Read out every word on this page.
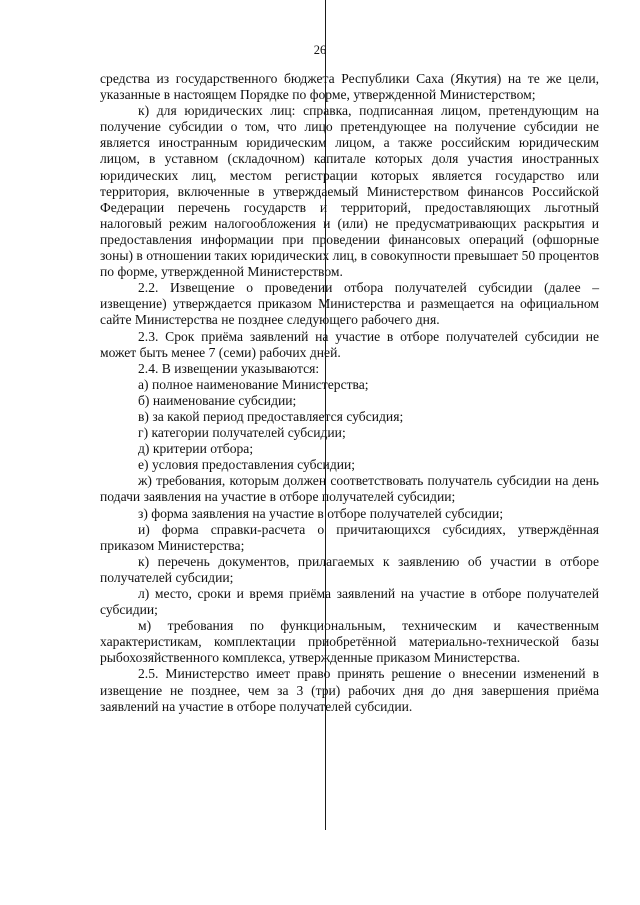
26

средства из государственного бюджета Республики Саха (Якутия) на те же цели, указанные в настоящем Порядке по форме, утвержденной Министерством;

к) для юридических лиц: справка, подписанная лицом, претендующим на получение субсидии о том, что лицо претендующее на получение субсидии не является иностранным юридическим лицом, а также российским юридическим лицом, в уставном (складочном) капитале которых доля участия иностранных юридических лиц, местом регистрации которых является государство или территория, включенные в утверждаемый Министерством финансов Российской Федерации перечень государств и территорий, предоставляющих льготный налоговый режим налогообложения и (или) не предусматривающих раскрытия и предоставления информации при проведении финансовых операций (офшорные зоны) в отношении таких юридических лиц, в совокупности превышает 50 процентов по форме, утвержденной Министерством.

2.2. Извещение о проведении отбора получателей субсидии (далее – извещение) утверждается приказом Министерства и размещается на официальном сайте Министерства не позднее следующего рабочего дня.

2.3. Срок приёма заявлений на участие в отборе получателей субсидии не может быть менее 7 (семи) рабочих дней.

2.4. В извещении указываются:

а) полное наименование Министерства;

б) наименование субсидии;

в) за какой период предоставляется субсидия;

г) категории получателей субсидии;

д) критерии отбора;

е) условия предоставления субсидии;

ж) требования, которым должен соответствовать получатель субсидии на день подачи заявления на участие в отборе получателей субсидии;

з) форма заявления на участие в отборе получателей субсидии;

и) форма справки-расчета о причитающихся субсидиях, утверждённая приказом Министерства;

к) перечень документов, прилагаемых к заявлению об участии в отборе получателей субсидии;

л) место, сроки и время приёма заявлений на участие в отборе получателей субсидии;

м) требования по функциональным, техническим и качественным характеристикам, комплектации приобретённой материально-технической базы рыбохозяйственного комплекса, утвержденные приказом Министерства.

2.5. Министерство имеет право принять решение о внесении изменений в извещение не позднее, чем за 3 (три) рабочих дня до дня завершения приёма заявлений на участие в отборе получателей субсидии.
